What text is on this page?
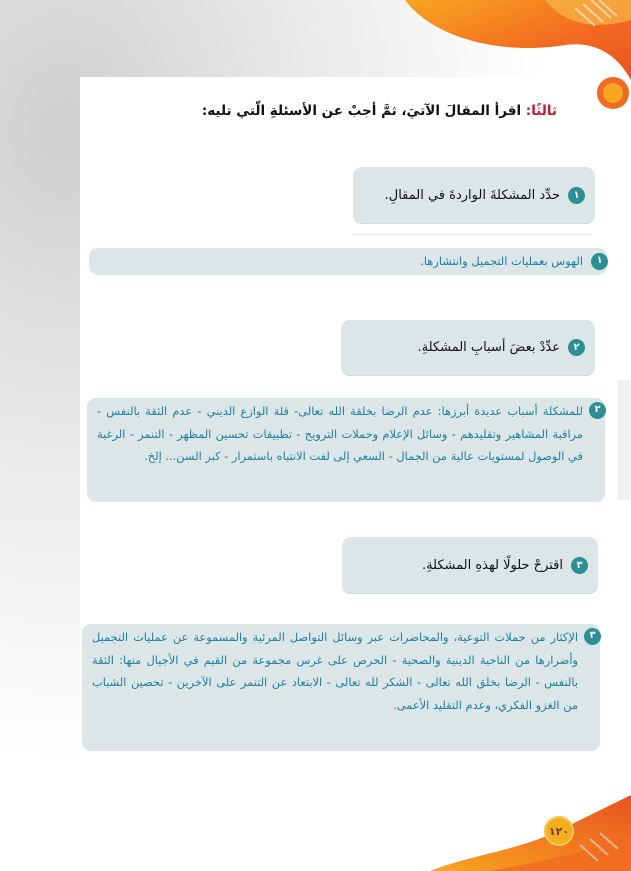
ثالثًا: اقرأ المقالَ الآتيَ، ثمَّ أجبْ عن الأسئلةِ الّتي تليه:
١
حدِّد المشكلةَ الواردةَ في المقالِ.
١
الهوس بعمليات التجميل وانتشارها.
٢
عدِّدْ بعضَ أسبابِ المشكلةِ.
٢
للمشكلة أسباب عديدة أبرزها: عدم الرضا بخلقة الله تعالى- قلة الوازع الديني - عدم الثقة بالنفس - مراقبة المشاهير وتقليدهم - وسائل الإعلام وحملات الترويج - تطبيقات تحسين المظهر - التنمر - الرغبة في الوصول لمستويات عالية من الجمال - السعي إلى لفت الانتباه باستمرار - كبر السن... إلخ.
٣
اقترحْ حلولًا لهذهِ المشكلةِ.
٣
الإكثار من حملات التوعية، والمحاضرات عبر وسائل التواصل المرئية والمسموعة عن عمليات التجميل وأضرارها من الناحية الدينية والصحية - الحرص على غرس مجموعة من القيم في الأجيال منها: الثقة بالنفس - الرضا بخلق الله تعالى - الشكر لله تعالى - الابتعاد عن التنمر على الآخرين - تحصين الشباب من الغزو الفكري، وعدم التقليد الأعمى.
١٢٠
